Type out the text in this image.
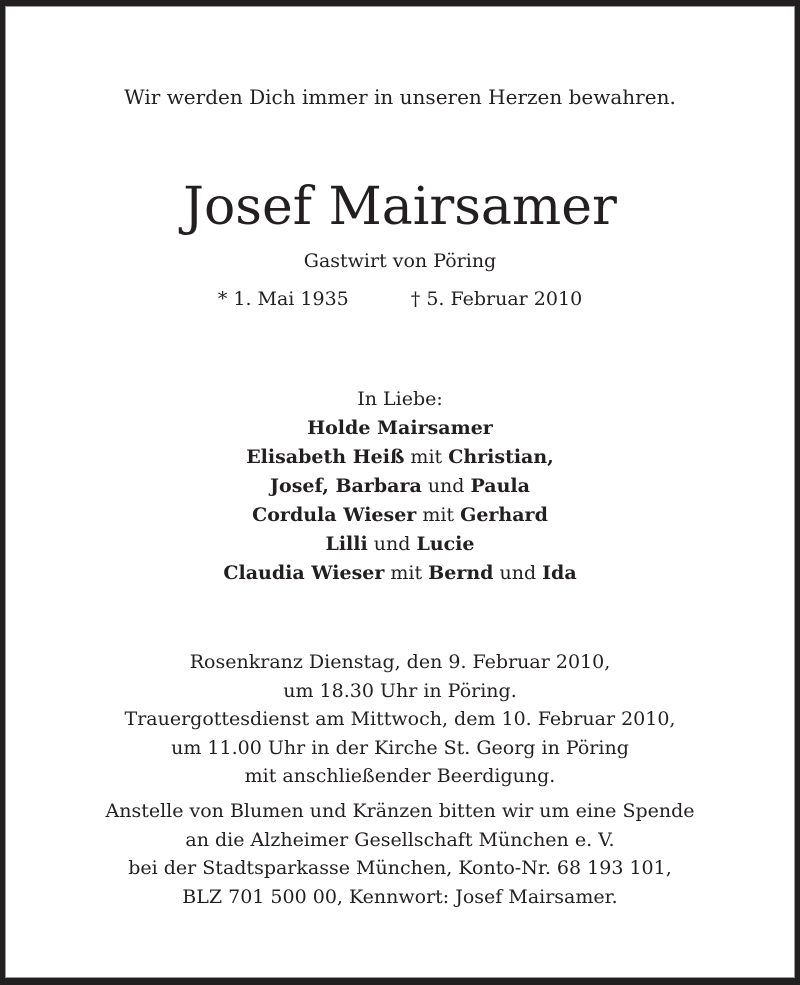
Wir werden Dich immer in unseren Herzen bewahren.
Josef Mairsamer
Gastwirt von Pöring
* 1. Mai 1935	† 5. Februar 2010
In Liebe:
Holde Mairsamer
Elisabeth Heiß mit Christian,
Josef, Barbara und Paula
Cordula Wieser mit Gerhard
Lilli und Lucie
Claudia Wieser mit Bernd und Ida
Rosenkranz Dienstag, den 9. Februar 2010,
um 18.30 Uhr in Pöring.
Trauergottesdienst am Mittwoch, dem 10. Februar 2010,
um 11.00 Uhr in der Kirche St. Georg in Pöring
mit anschließender Beerdigung.
Anstelle von Blumen und Kränzen bitten wir um eine Spende
an die Alzheimer Gesellschaft München e. V.
bei der Stadtsparkasse München, Konto-Nr. 68 193 101,
BLZ 701 500 00, Kennwort: Josef Mairsamer.
